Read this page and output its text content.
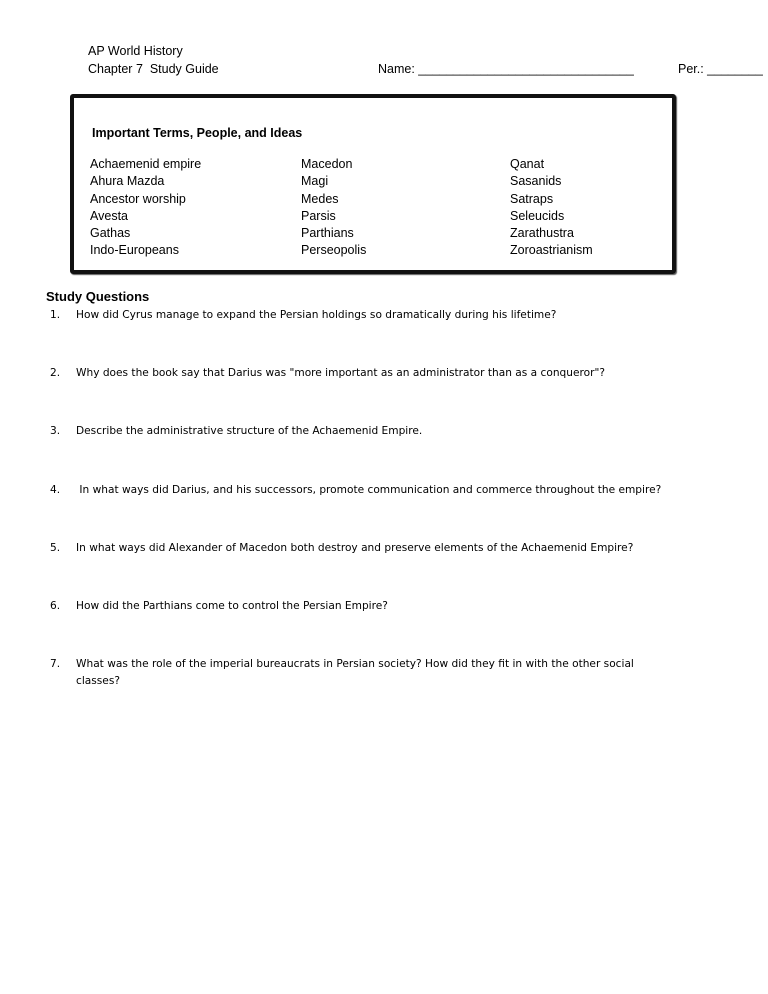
AP World History
Chapter 7  Study Guide	Name: _______________________________	Per.: ________
Important Terms, People, and Ideas
Achaemenid empire
Ahura Mazda
Ancestor worship
Avesta
Gathas
Indo-Europeans
Macedon
Magi
Medes
Parsis
Parthians
Perseopolis
Qanat
Sasanids
Satraps
Seleucids
Zarathustra
Zoroastrianism
Study Questions
1. How did Cyrus manage to expand the Persian holdings so dramatically during his lifetime?
2. Why does the book say that Darius was "more important as an administrator than as a conqueror"?
3. Describe the administrative structure of the Achaemenid Empire.
4. In what ways did Darius, and his successors, promote communication and commerce throughout the empire?
5. In what ways did Alexander of Macedon both destroy and preserve elements of the Achaemenid Empire?
6. How did the Parthians come to control the Persian Empire?
7. What was the role of the imperial bureaucrats in Persian society? How did they fit in with the other social classes?
